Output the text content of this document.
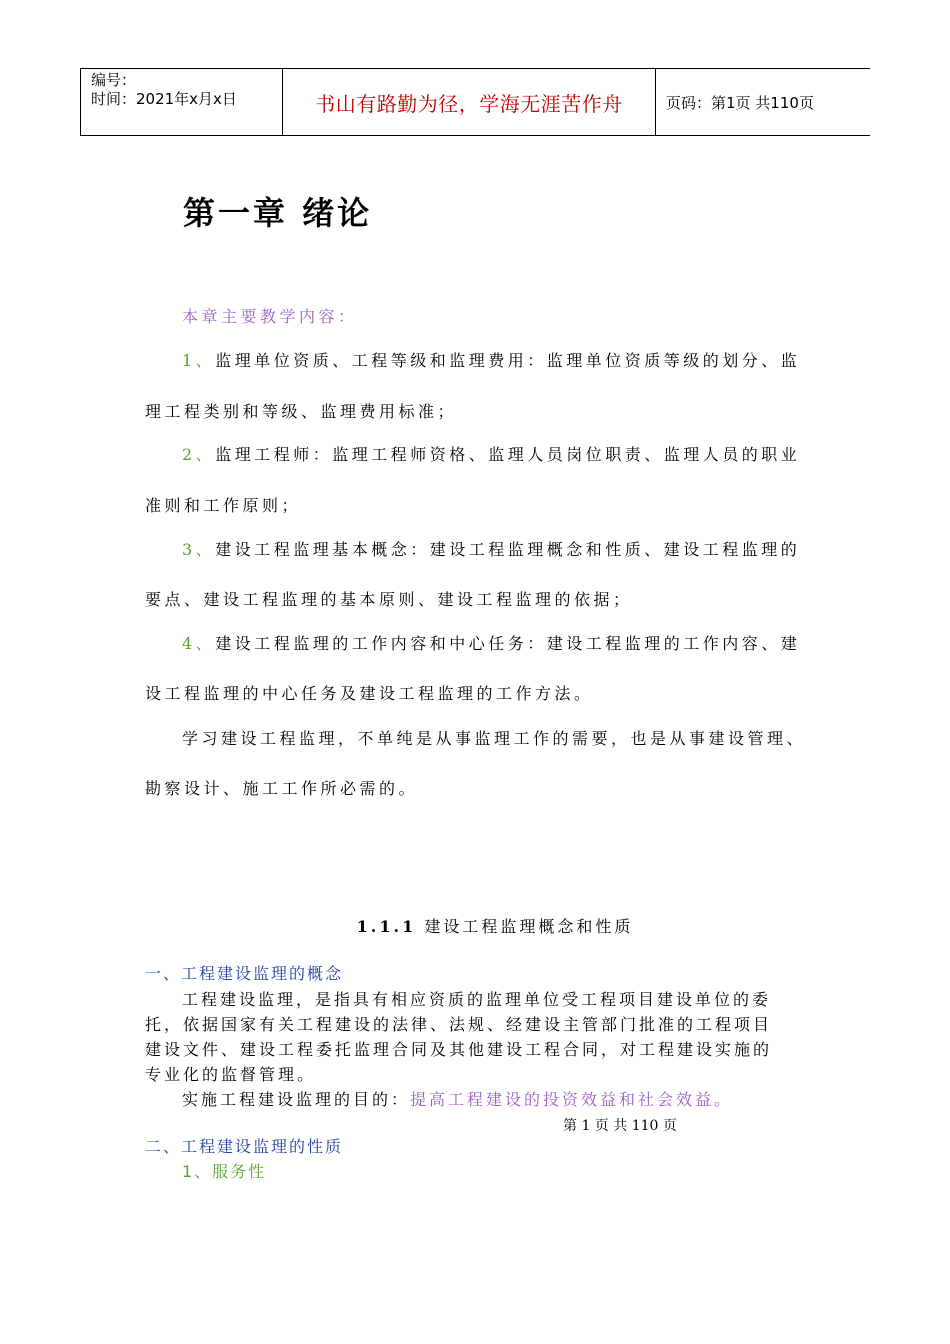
编号：
时间：2021年x月x日	书山有路勤为径，学海无涯苦作舟	页码：第1页 共110页
第一章 绪论

本章主要教学内容：

1、监理单位资质、工程等级和监理费用：监理单位资质等级的划分、监

理工程类别和等级、监理费用标准；

2、监理工程师：监理工程师资格、监理人员岗位职责、监理人员的职业

准则和工作原则；

3、建设工程监理基本概念：建设工程监理概念和性质、建设工程监理的

要点、建设工程监理的基本原则、建设工程监理的依据；

4、建设工程监理的工作内容和中心任务：建设工程监理的工作内容、建

设工程监理的中心任务及建设工程监理的工作方法。

学习建设工程监理，不单纯是从事监理工作的需要，也是从事建设管理、

勘察设计、施工工作所必需的。

1.1.1 建设工程监理概念和性质

一、工程建设监理的概念

工程建设监理，是指具有相应资质的监理单位受工程项目建设单位的委

托，依据国家有关工程建设的法律、法规、经建设主管部门批准的工程项目

建设文件、建设工程委托监理合同及其他建设工程合同，对工程建设实施的

专业化的监督管理。

实施工程建设监理的目的：提高工程建设的投资效益和社会效益。

第 1 页 共 110 页

二、工程建设监理的性质

1、服务性
